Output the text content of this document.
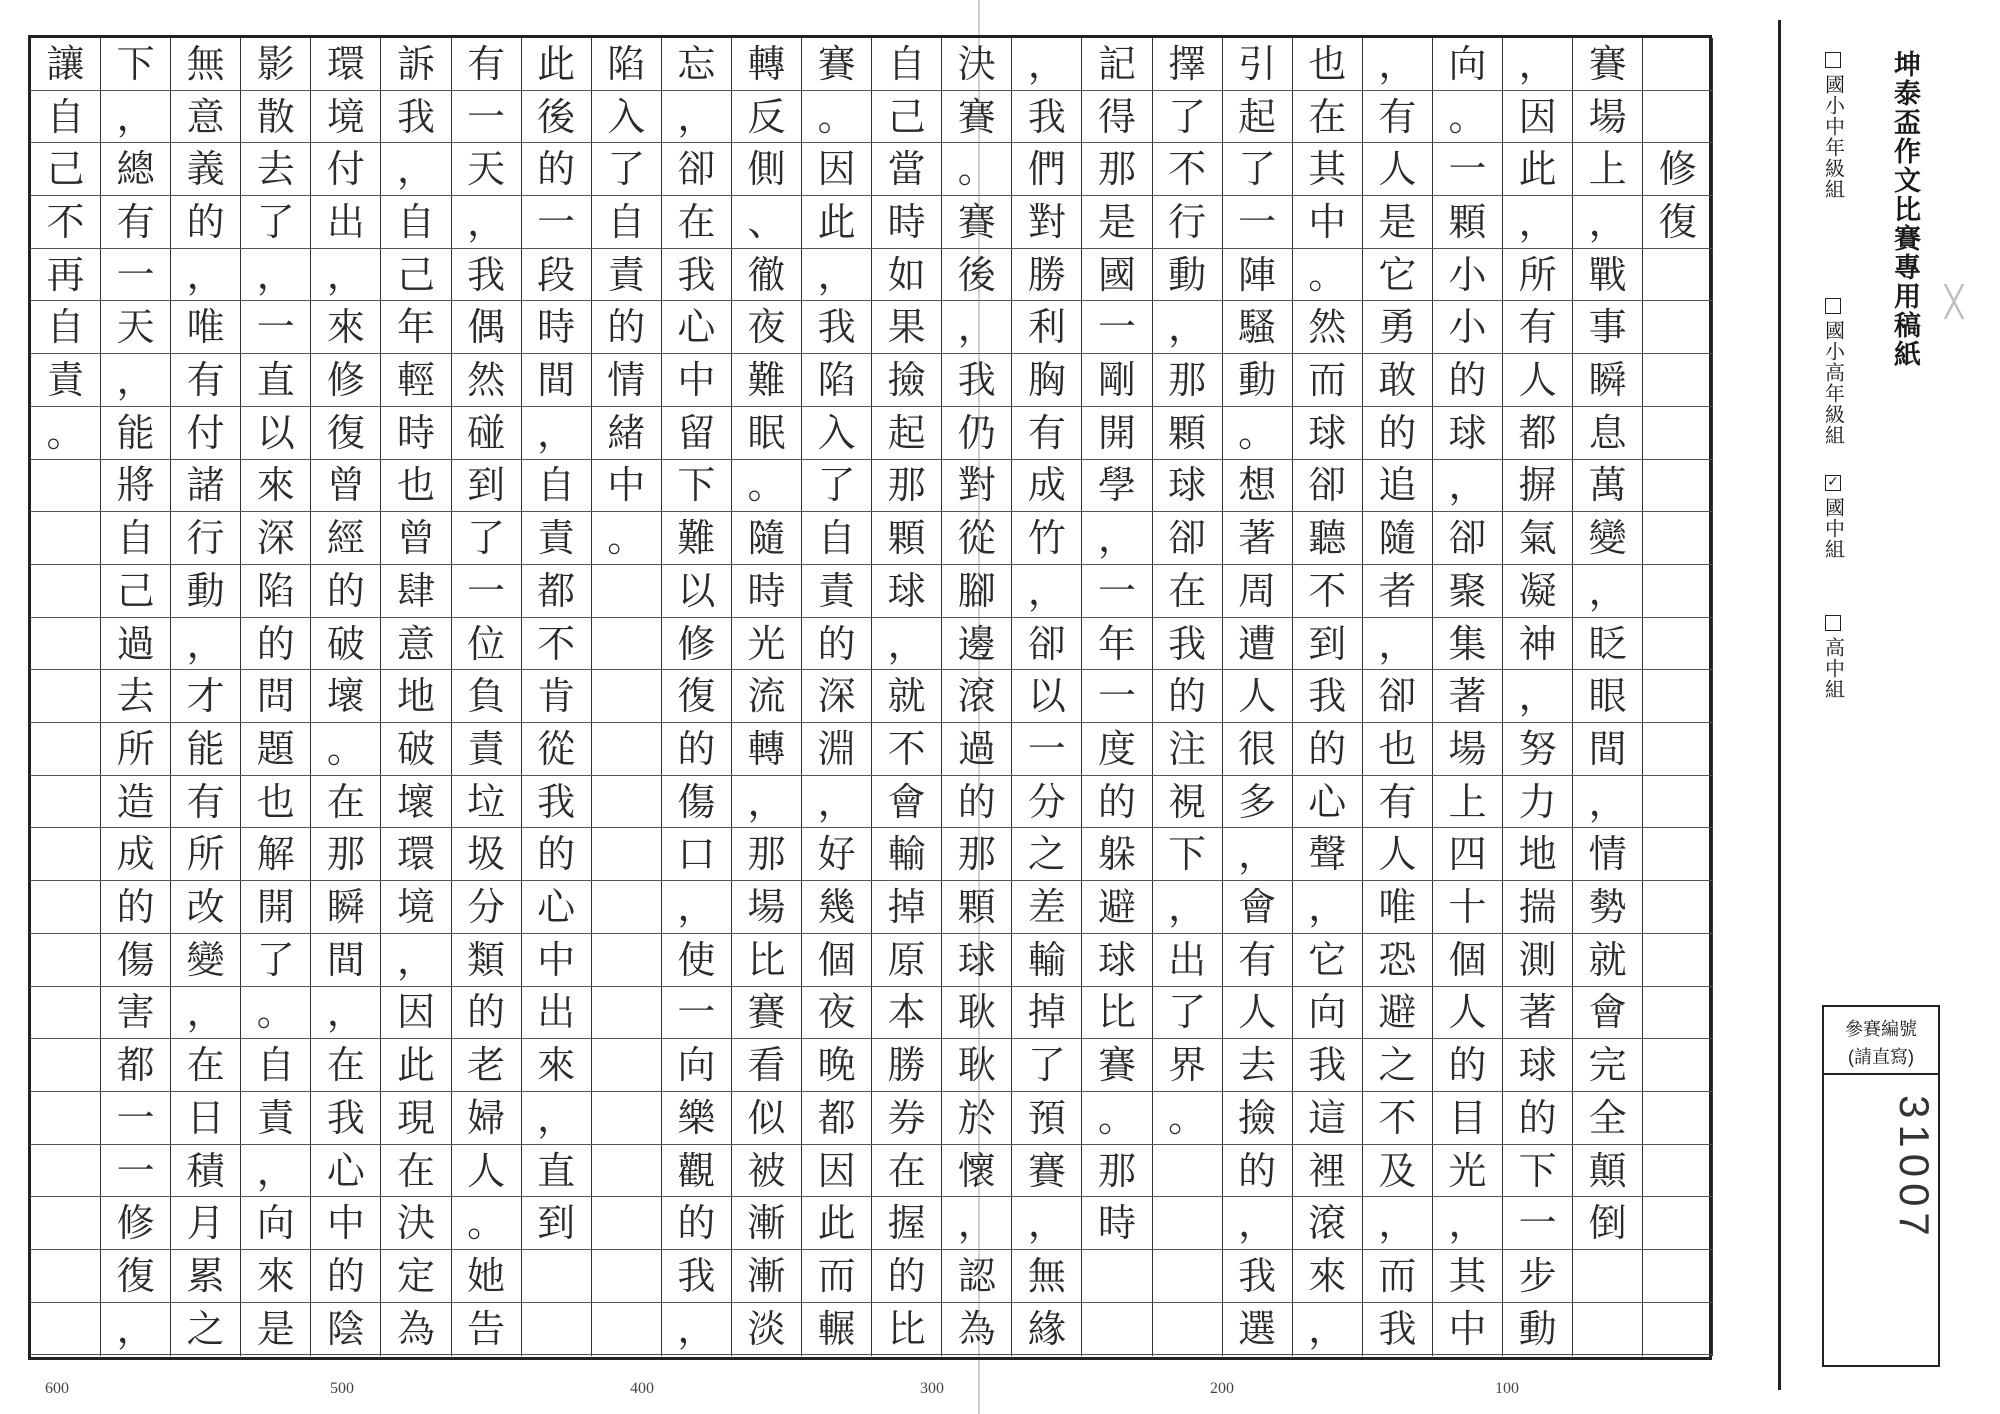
修
復
賽
場
上
，
戰
事
瞬
息
萬
變
，
眨
眼
間
，
情
勢
就
會
完
全
顛
倒
，
因
此
，
所
有
人
都
摒
氣
凝
神
，
努
力
地
揣
測
著
球
的
下
一
步
動
向
。
一
顆
小
小
的
球
，
卻
聚
集
著
場
上
四
十
個
人
的
目
光
，
其
中
，
有
人
是
它
勇
敢
的
追
隨
者
，
卻
也
有
人
唯
恐
避
之
不
及
，
而
我
也
在
其
中
。
然
而
球
卻
聽
不
到
我
的
心
聲
，
它
向
我
這
裡
滾
來
，
引
起
了
一
陣
騷
動
。
想
著
周
遭
人
很
多
，
會
有
人
去
撿
的
，
我
選
擇
了
不
行
動
，
那
顆
球
卻
在
我
的
注
視
下
，
出
了
界
。
記
得
那
是
國
一
剛
開
學
，
一
年
一
度
的
躲
避
球
比
賽
。
那
時
，
我
們
對
勝
利
胸
有
成
竹
，
卻
以
一
分
之
差
輸
掉
了
預
賽
，
無
緣
決
賽
。
賽
後
，
我
仍
對
從
腳
邊
滾
過
的
那
顆
球
耿
耿
於
懷
，
認
為
自
己
當
時
如
果
撿
起
那
顆
球
，
就
不
會
輸
掉
原
本
勝
券
在
握
的
比
賽
。
因
此
，
我
陷
入
了
自
責
的
深
淵
，
好
幾
個
夜
晚
都
因
此
而
輾
轉
反
側
、
徹
夜
難
眠
。
隨
時
光
流
轉
，
那
場
比
賽
看
似
被
漸
漸
淡
忘
，
卻
在
我
心
中
留
下
難
以
修
復
的
傷
口
，
使
一
向
樂
觀
的
我
，
陷
入
了
自
責
的
情
緒
中
。
此
後
的
一
段
時
間
，
自
責
都
不
肯
從
我
的
心
中
出
來
，
直
到
有
一
天
，
我
偶
然
碰
到
了
一
位
負
責
垃
圾
分
類
的
老
婦
人
。
她
告
訴
我
，
自
己
年
輕
時
也
曾
肆
意
地
破
壞
環
境
，
因
此
現
在
決
定
為
環
境
付
出
，
來
修
復
曾
經
的
破
壞
。
在
那
瞬
間
，
在
我
心
中
的
陰
影
散
去
了
，
一
直
以
來
深
陷
的
問
題
也
解
開
了
。
自
責
，
向
來
是
無
意
義
的
，
唯
有
付
諸
行
動
，
才
能
有
所
改
變
，
在
日
積
月
累
之
下
，
總
有
一
天
，
能
將
自
己
過
去
所
造
成
的
傷
害
都
一
一
修
復
，
讓
自
己
不
再
自
責
。
600	500	400	300	200	100
坤泰盃作文比賽專用稿紙
國小中年級組
國小高年級組
✓
國中組
高中組
參賽編號
(請直寫)
31007
╳
